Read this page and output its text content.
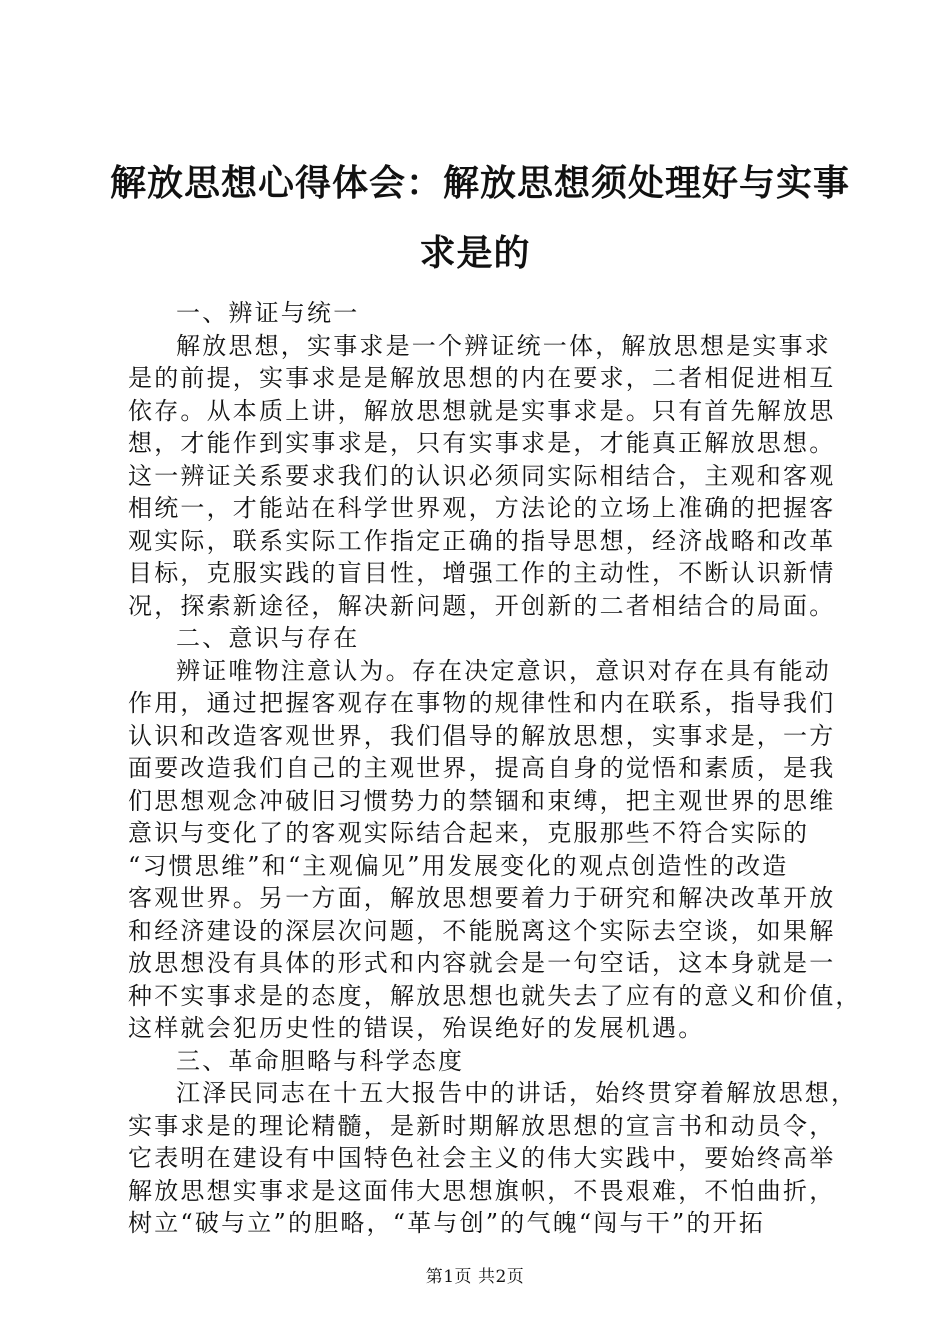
解放思想心得体会：解放思想须处理好与实事
求是的
一、辨证与统一
解放思想，实事求是一个辨证统一体，解放思想是实事求
是的前提，实事求是是解放思想的内在要求，二者相促进相互
依存。从本质上讲，解放思想就是实事求是。只有首先解放思
想，才能作到实事求是，只有实事求是，才能真正解放思想。
这一辨证关系要求我们的认识必须同实际相结合，主观和客观
相统一，才能站在科学世界观，方法论的立场上准确的把握客
观实际，联系实际工作指定正确的指导思想，经济战略和改革
目标，克服实践的盲目性，增强工作的主动性，不断认识新情
况，探索新途径，解决新问题，开创新的二者相结合的局面。
二、意识与存在
辨证唯物注意认为。存在决定意识，意识对存在具有能动
作用，通过把握客观存在事物的规律性和内在联系，指导我们
认识和改造客观世界，我们倡导的解放思想，实事求是，一方
面要改造我们自己的主观世界，提高自身的觉悟和素质，是我
们思想观念冲破旧习惯势力的禁锢和束缚，把主观世界的思维
意识与变化了的客观实际结合起来，克服那些不符合实际的
“习惯思维”和“主观偏见”用发展变化的观点创造性的改造
客观世界。另一方面，解放思想要着力于研究和解决改革开放
和经济建设的深层次问题，不能脱离这个实际去空谈，如果解
放思想没有具体的形式和内容就会是一句空话，这本身就是一
种不实事求是的态度，解放思想也就失去了应有的意义和价值，
这样就会犯历史性的错误，殆误绝好的发展机遇。
三、革命胆略与科学态度
江泽民同志在十五大报告中的讲话，始终贯穿着解放思想，
实事求是的理论精髓，是新时期解放思想的宣言书和动员令，
它表明在建设有中国特色社会主义的伟大实践中，要始终高举
解放思想实事求是这面伟大思想旗帜，不畏艰难，不怕曲折，
树立“破与立”的胆略，“革与创”的气魄“闯与干”的开拓
第1页 共2页
